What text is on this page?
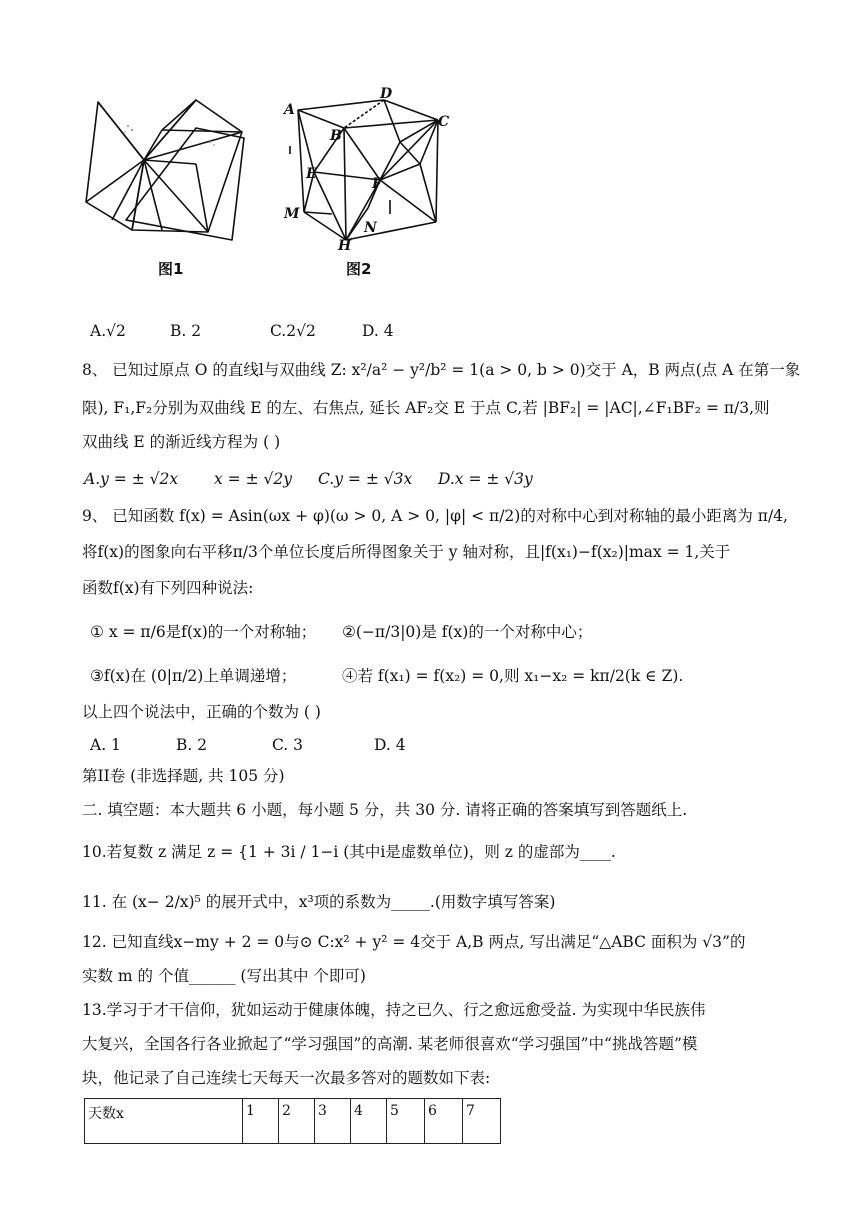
图1
A
D
C
B
E
F
M
H
N
图2
A.√2	B. 2	C.2√2	D. 4
8、 已知过原点 O 的直线l与双曲线 Z: x²/a² − y²/b² = 1(a > 0, b > 0)交于 A，B 两点(点 A 在第一象
限), F₁,F₂分别为双曲线 E 的左、右焦点, 延长 AF₂交 E 于点 C,若 |BF₂| = |AC|,∠F₁BF₂ = π/3,则
双曲线 E 的渐近线方程为 ( )
A.y = ± √2x x = ± √2y C.y = ± √3x D.x = ± √3y
9、 已知函数 f(x) = Asin(ωx + φ)(ω > 0, A > 0, |φ| < π/2)的对称中心到对称轴的最小距离为 π/4,
将f(x)的图象向右平移π/3个单位长度后所得图象关于 y 轴对称，且|f(x₁)−f(x₂)|max = 1,关于
函数f(x)有下列四种说法:
① x = π/6是f(x)的一个对称轴； ②(−π/3|0)是 f(x)的一个对称中心；
③f(x)在 (0|π/2)上单调递增；	④若 f(x₁) = f(x₂) = 0,则 x₁−x₂ = kπ/2(k ∈ Z).
以上四个说法中，正确的个数为 ( )
A. 1	B. 2	C. 3	D. 4
第II卷 (非选择题, 共 105 分)
二. 填空题：本大题共 6 小题，每小题 5 分，共 30 分. 请将正确的答案填写到答题纸上.
10.若复数 z 满足 z = {1 + 3i / 1−i (其中i是虚数单位)，则 z 的虚部为____.
11. 在 (x− 2/x)⁵ 的展开式中，x³项的系数为_____.(用数字填写答案)
12. 已知直线x−my + 2 = 0与⊙ C:x² + y² = 4交于 A,B 两点, 写出满足“△ABC 面积为 √3”的
实数 m 的 个值______ (写出其中 个即可)
13.学习于才干信仰，犹如运动于健康体魄，持之已久、行之愈远愈受益. 为实现中华民族伟
大复兴，全国各行各业掀起了“学习强国”的高潮. 某老师很喜欢“学习强国”中“挑战答题”模
块，他记录了自己连续七天每天一次最多答对的题数如下表:
天数x	1	2	3	4	5	6	7
